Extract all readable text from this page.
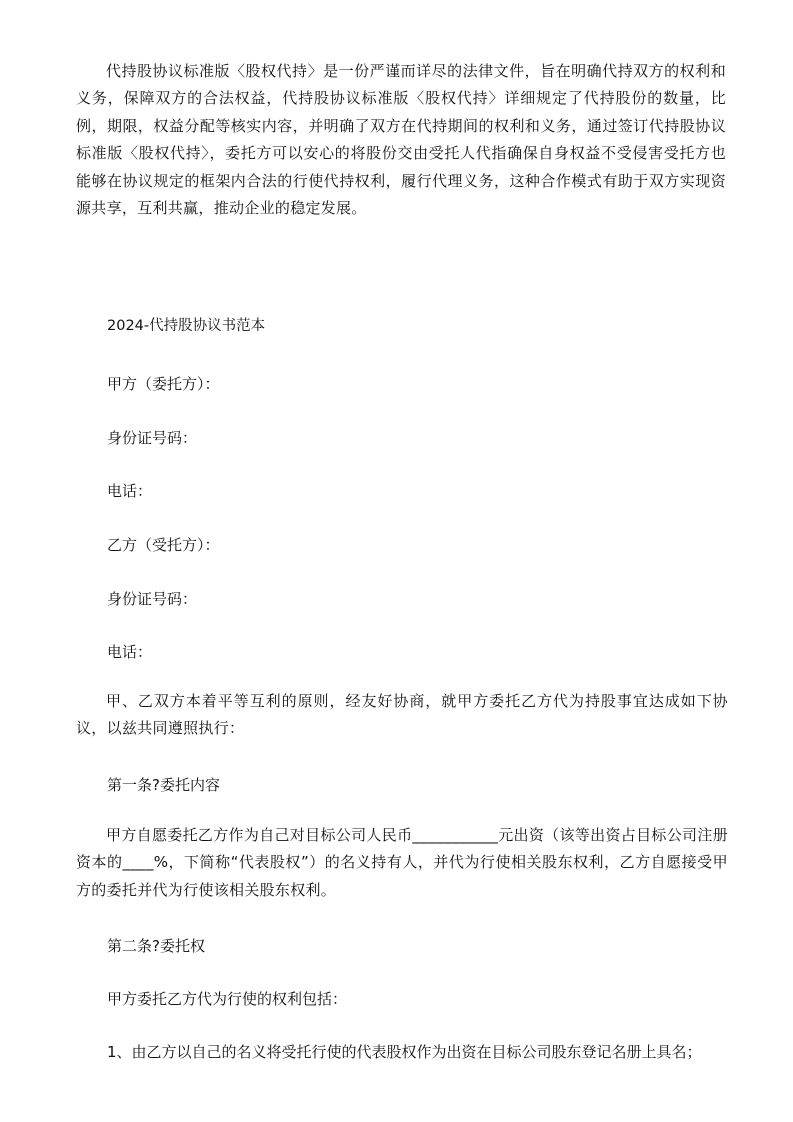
代持股协议标准版〈股权代持〉是一份严谨而详尽的法律文件，旨在明确代持双方的权利和义务，保障双方的合法权益，代持股协议标准版〈股权代持〉详细规定了代持股份的数量，比例，期限，权益分配等核实内容，并明确了双方在代持期间的权利和义务，通过签订代持股协议标准版〈股权代持〉，委托方可以安心的将股份交由受托人代指确保自身权益不受侵害受托方也能够在协议规定的框架内合法的行使代持权利，履行代理义务，这种合作模式有助于双方实现资源共享，互利共赢，推动企业的稳定发展。

2024-代持股协议书范本
甲方（委托方）：
身份证号码：
电话：
乙方（受托方）：
身份证号码：
电话：

甲、乙双方本着平等互利的原则，经友好协商，就甲方委托乙方代为持股事宜达成如下协议，以兹共同遵照执行：

第一条?委托内容

甲方自愿委托乙方作为自己对目标公司人民币___________元出资（该等出资占目标公司注册资本的____%，下简称“代表股权”）的名义持有人，并代为行使相关股东权利，乙方自愿接受甲方的委托并代为行使该相关股东权利。

第二条?委托权
甲方委托乙方代为行使的权利包括：
1、由乙方以自己的名义将受托行使的代表股权作为出资在目标公司股东登记名册上具名；
